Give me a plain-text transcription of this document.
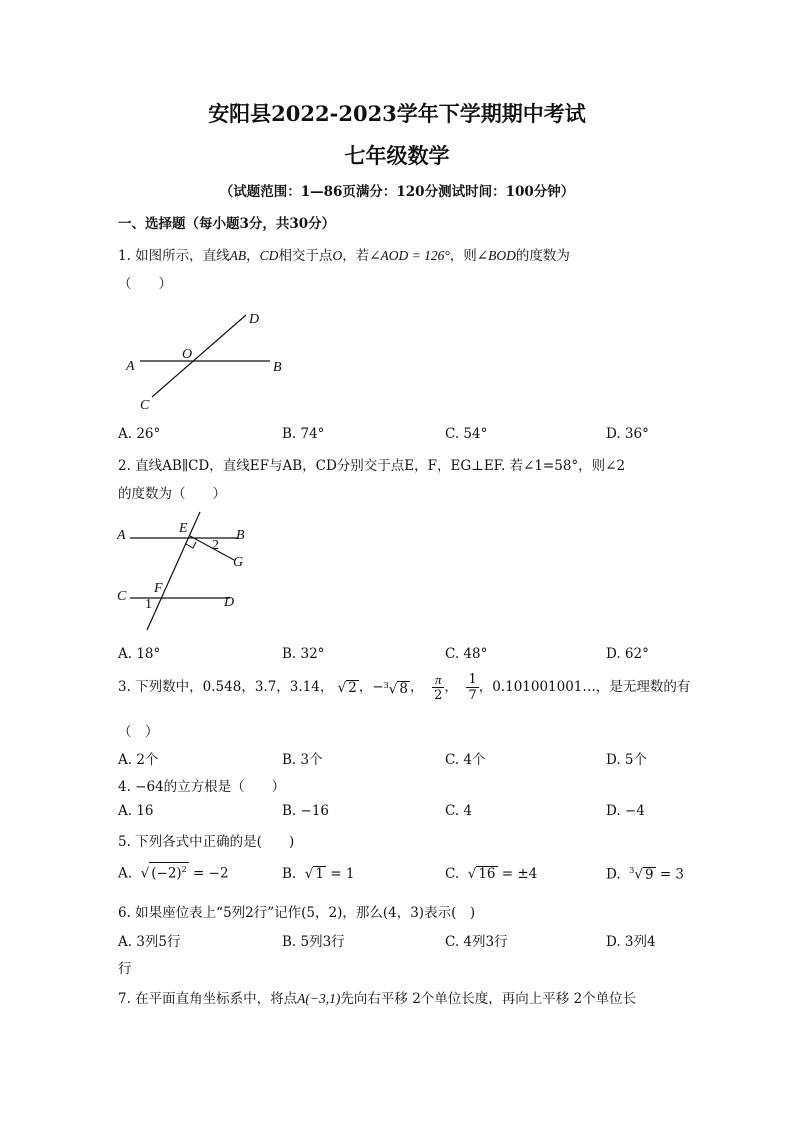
安阳县2022-2023学年下学期期中考试
七年级数学
（试题范围：1—86页满分：120分测试时间：100分钟）
一、选择题（每小题3分，共30分）
1. 如图所示，直线AB，CD相交于点O，若∠AOD = 126°，则∠BOD的度数为
（　　）
A	B
C
D
O
A. 26°	B. 74°	C. 54°	D. 36°
2. 直线AB∥CD，直线EF与AB，CD分别交于点E，F，EG⊥EF. 若∠1=58°，则∠2
的度数为（　　）
A	B
E
G
2
F
C	D
1
A. 18°	B. 32°	C. 48°	D. 62°
3. 下列数中，0.548，3.7，3.14， √ 2 ，−$^3$√ 8 ， $\frac{\pi}{2}$ ， $\frac{1}{7}$ ，0.101001001…，是无理数的有
（　）
A. 2个	B. 3个	C. 4个	D. 5个
4. −64的立方根是（　　）
A. 16	B. −16	C. 4	D. −4
5. 下列各式中正确的是(　　)
A.  √ $(-2)^2 = -2$	B.  √ 1 = 1	C.  √ 16 = ±4	D. $^3$√ 9 = 3
6. 如果座位表上“5列2行”记作(5，2)，那么(4，3)表示(　)
A. 3列5行	B. 5列3行	C. 4列3行	D. 3列4
行
7. 在平面直角坐标系中，将点A(−3,1)先向右平移 2个单位长度，再向上平移 2个单位长
